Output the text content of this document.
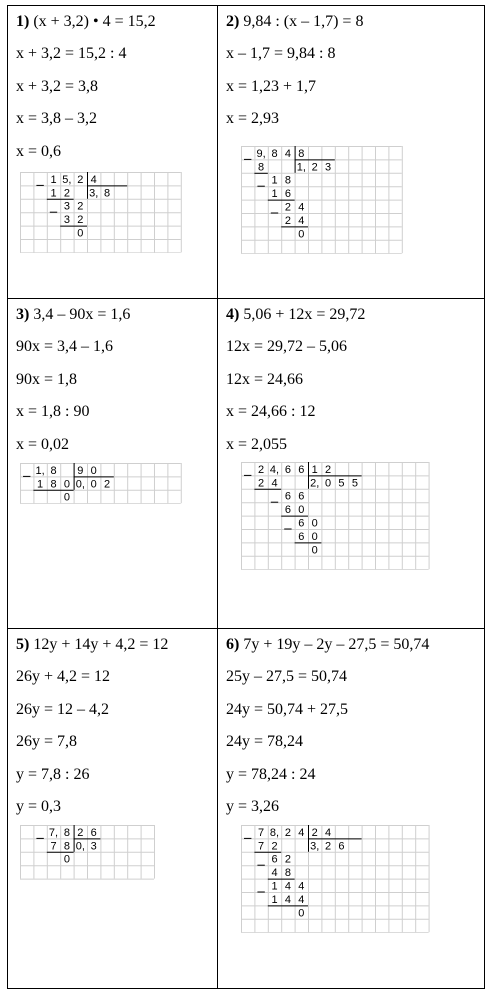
1) (x + 3,2) • 4 = 15,2
x + 3,2 = 15,2 : 4
x + 3,2 = 3,8
x = 3,8 – 3,2
x = 0,6
1 5, 2 4
1 2 3, 8
3 2
3 2
0
2) 9,84 : (x – 1,7) = 8
x – 1,7 = 9,84 : 8
x = 1,23 + 1,7
x = 2,93
9, 8 4 8
8	1, 2 3
1 8
1 6
2 4
2 4
0
3) 3,4 – 90x = 1,6
90x = 3,4 – 1,6
90x = 1,8
x = 1,8 : 90
x = 0,02
1, 8 9 0
1 8 0 0, 0 2
0
4) 5,06 + 12x = 29,72
12x = 29,72 – 5,06
12x = 24,66
x = 24,66 : 12
x = 2,055
2 4, 6 6 1 2
2 4	2, 0 5 5
6 6
6 0
6 0
6 0
0
5) 12y + 14y + 4,2 = 12
26y + 4,2 = 12
26y = 12 – 4,2
26y = 7,8
y = 7,8 : 26
y = 0,3
7, 8 2 6
7 8 0, 3
0
6) 7y + 19y – 2y – 27,5 = 50,74
25y – 27,5 = 50,74
24y = 50,74 + 27,5
24y = 78,24
y = 78,24 : 24
y = 3,26
7 8, 2 4 2 4
7 2	3, 2 6
6 2
4 8
1 4 4
1 4 4
0
